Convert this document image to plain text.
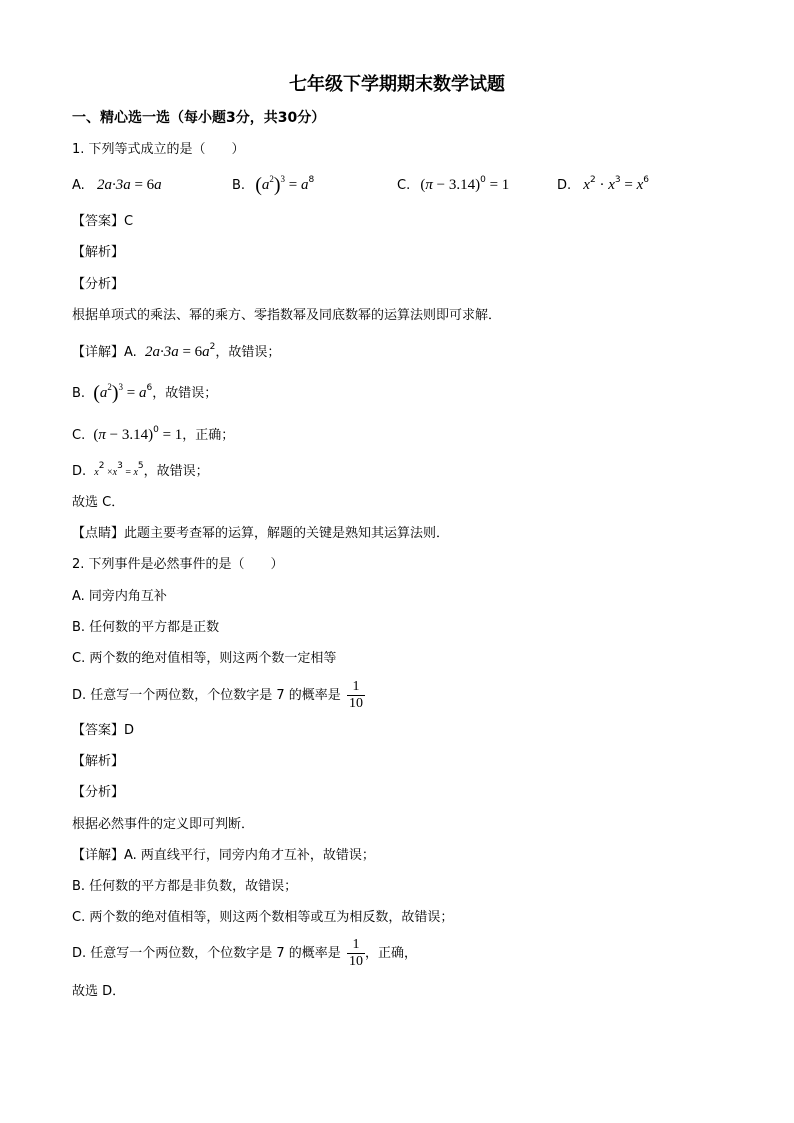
七年级下学期期末数学试题
一、精心选一选（每小题3分，共30分）
1. 下列等式成立的是（　　）
A. 2a·3a = 6a	B. $(a^2)^3 = a^8$	C. $(\pi - 3.14)^0 = 1$	D. $x^2 \cdot x^3 = x^6$
【答案】C
【解析】
【分析】
根据单项式的乘法、幂的乘方、零指数幂及同底数幂的运算法则即可求解．
【详解】A. $2a\cdot 3a = 6a^2$，故错误；
B. $(a^2)^3 = a^6$，故错误；
C. $(\pi - 3.14)^0 = 1$，正确；
D. $x^2 \times x^3 = x^5$，故错误；
故选 C．
【点睛】此题主要考查幂的运算，解题的关键是熟知其运算法则．
2. 下列事件是必然事件的是（　　）
A. 同旁内角互补
B. 任何数的平方都是正数
C. 两个数的绝对值相等，则这两个数一定相等
D. 任意写一个两位数，个位数字是 7 的概率是 $\frac{1}{10}$
【答案】D
【解析】
【分析】
根据必然事件的定义即可判断．
【详解】A. 两直线平行，同旁内角才互补，故错误；
B. 任何数的平方都是非负数，故错误；
C. 两个数的绝对值相等，则这两个数相等或互为相反数，故错误；
D. 任意写一个两位数，个位数字是 7 的概率是 $\frac{1}{10}$ ，正确，
故选 D．
